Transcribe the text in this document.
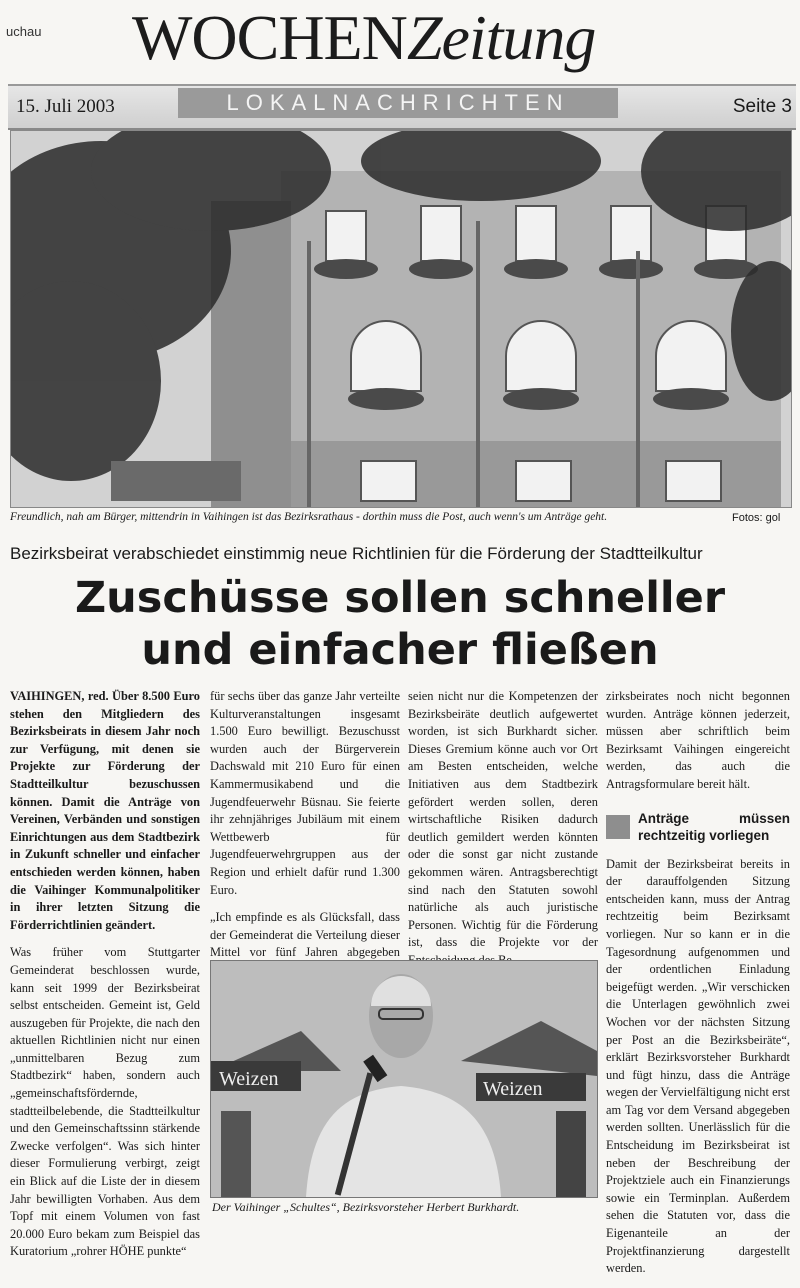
uchau WOCHENZeitung
15. Juli 2003	LOKALNACHRICHTEN	Seite 3
Freundlich, nah am Bürger, mittendrin in Vaihingen ist das Bezirksrathaus - dorthin muss die Post, auch wenn's um Anträge geht.	Fotos: gol
Bezirksbeirat verabschiedet einstimmig neue Richtlinien für die Förderung der Stadtteilkultur
Zuschüsse sollen schneller
und einfacher fließen

VAIHINGEN, red. Über 8.500 Euro stehen den Mitgliedern des Bezirksbeirats in diesem Jahr noch zur Verfügung, mit denen sie Projekte zur Förderung der Stadtteilkultur bezuschussen können. Damit die Anträge von Vereinen, Verbänden und sonstigen Einrichtungen aus dem Stadtbezirk in Zukunft schneller und einfacher entschieden werden können, haben die Vaihinger Kommunalpolitiker in ihrer letzten Sitzung die Förderrichtlinien geändert.

Was früher vom Stuttgarter Gemeinderat beschlossen wurde, kann seit 1999 der Bezirksbeirat selbst entscheiden. Gemeint ist, Geld auszugeben für Projekte, die nach den aktuellen Richtlinien nicht nur einen „unmittelbaren Bezug zum Stadtbezirk“ haben, sondern auch „gemeinschaftsfördernde, stadtteilbelebende, die Stadtteilkultur und den Gemeinschaftssinn stärkende Zwecke verfolgen“. Was sich hinter dieser Formulierung verbirgt, zeigt ein Blick auf die Liste der in diesem Jahr bewilligten Vorhaben. Aus dem Topf mit einem Volumen von fast 20.000 Euro bekam zum Beispiel das Kuratorium „rohrer HÖHE punkte“

für sechs über das ganze Jahr verteilte Kulturveranstaltungen insgesamt 1.500 Euro bewilligt. Bezuschusst wurden auch der Bürgerverein Dachswald mit 210 Euro für einen Kammermusikabend und die Jugendfeuerwehr Büsnau. Sie feierte ihr zehnjähriges Jubiläum mit einem Wettbewerb für Jugendfeuerwehrgruppen aus der Region und erhielt dafür rund 1.300 Euro.

„Ich empfinde es als Glücksfall, dass der Gemeinderat die Verteilung dieser Mittel vor fünf Jahren abgegeben

seien nicht nur die Kompetenzen der Bezirksbeiräte deutlich aufgewertet worden, ist sich Burkhardt sicher. Dieses Gremium könne auch vor Ort am Besten entscheiden, welche Initiativen aus dem Stadtbezirk gefördert werden sollen, deren wirtschaftliche Risiken dadurch deutlich gemildert werden könnten oder die sonst gar nicht zustande gekommen wären. Antragsberechtigt sind nach den Statuten sowohl natürliche als auch juristische Personen. Wichtig für die Förderung ist, dass die Projekte vor der

zirksbeirates noch nicht begonnen wurden. Anträge können jederzeit, müssen aber schriftlich beim Bezirksamt Vaihingen eingereicht werden, das auch die Antragsformulare bereit hält.

Anträge müssen rechtzeitig vorliegen

Damit der Bezirksbeirat bereits in der darauffolgenden Sitzung entscheiden kann, muss der Antrag rechtzeitig beim Bezirksamt vorliegen. Nur so kann er in die Tagesordnung aufgenommen und der ordentlichen Einladung beigefügt werden. „Wir verschicken die Unterlagen gewöhnlich zwei Wochen vor der nächsten Sitzung per Post an die Bezirksbeiräte“, erklärt Bezirksvorsteher Burkhardt und fügt hinzu, dass die Anträge wegen der Vervielfältigung nicht erst am Tag vor dem Versand abgegeben werden sollten. Unerlässlich für die Entscheidung im Bezirksbeirat ist neben der Beschreibung der Projektziele auch ein Finanzierungs sowie ein Terminplan. Außerdem sehen die Statuten vor, dass die Eigenanteile an der Projektfinanzierung dargestellt werden.

Weizen	Weizen
Der Vaihinger „Schultes“, Bezirksvorsteher Herbert Burkhardt.
